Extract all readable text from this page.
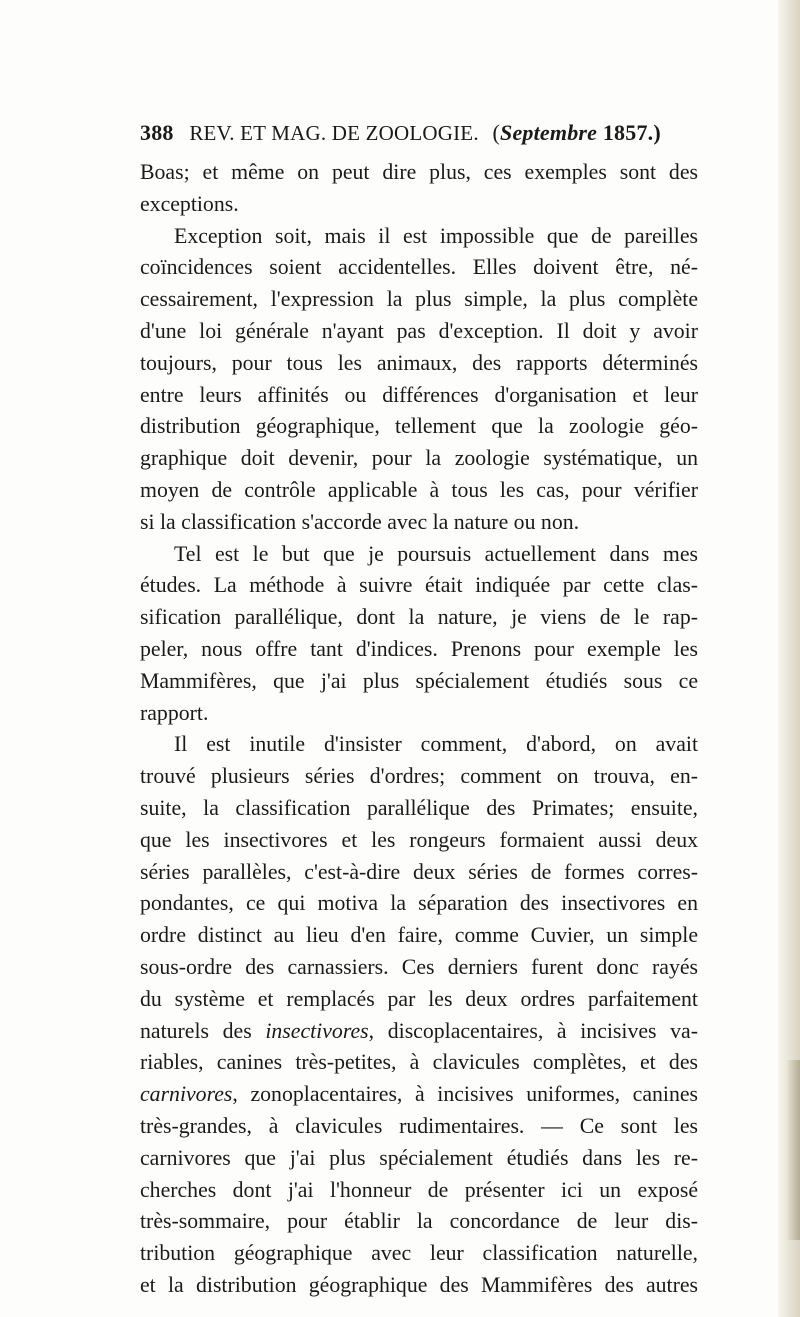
388 REV. ET MAG. DE ZOOLOGIE. (Septembre 1857.)
Boas; et même on peut dire plus, ces exemples sont des
exceptions.
Exception soit, mais il est impossible que de pareilles
coïncidences soient accidentelles. Elles doivent être, né-
cessairement, l'expression la plus simple, la plus complète
d'une loi générale n'ayant pas d'exception. Il doit y avoir
toujours, pour tous les animaux, des rapports déterminés
entre leurs affinités ou différences d'organisation et leur
distribution géographique, tellement que la zoologie géo-
graphique doit devenir, pour la zoologie systématique, un
moyen de contrôle applicable à tous les cas, pour vérifier
si la classification s'accorde avec la nature ou non.
Tel est le but que je poursuis actuellement dans mes
études. La méthode à suivre était indiquée par cette clas-
sification parallélique, dont la nature, je viens de le rap-
peler, nous offre tant d'indices. Prenons pour exemple les
Mammifères, que j'ai plus spécialement étudiés sous ce
rapport.
Il est inutile d'insister comment, d'abord, on avait
trouvé plusieurs séries d'ordres; comment on trouva, en-
suite, la classification parallélique des Primates; ensuite,
que les insectivores et les rongeurs formaient aussi deux
séries parallèles, c'est-à-dire deux séries de formes corres-
pondantes, ce qui motiva la séparation des insectivores en
ordre distinct au lieu d'en faire, comme Cuvier, un simple
sous-ordre des carnassiers. Ces derniers furent donc rayés
du système et remplacés par les deux ordres parfaitement
naturels des insectivores, discoplacentaires, à incisives va-
riables, canines très-petites, à clavicules complètes, et des
carnivores, zonoplacentaires, à incisives uniformes, canines
très-grandes, à clavicules rudimentaires. — Ce sont les
carnivores que j'ai plus spécialement étudiés dans les re-
cherches dont j'ai l'honneur de présenter ici un exposé
très-sommaire, pour établir la concordance de leur dis-
tribution géographique avec leur classification naturelle,
et la distribution géographique des Mammifères des autres
